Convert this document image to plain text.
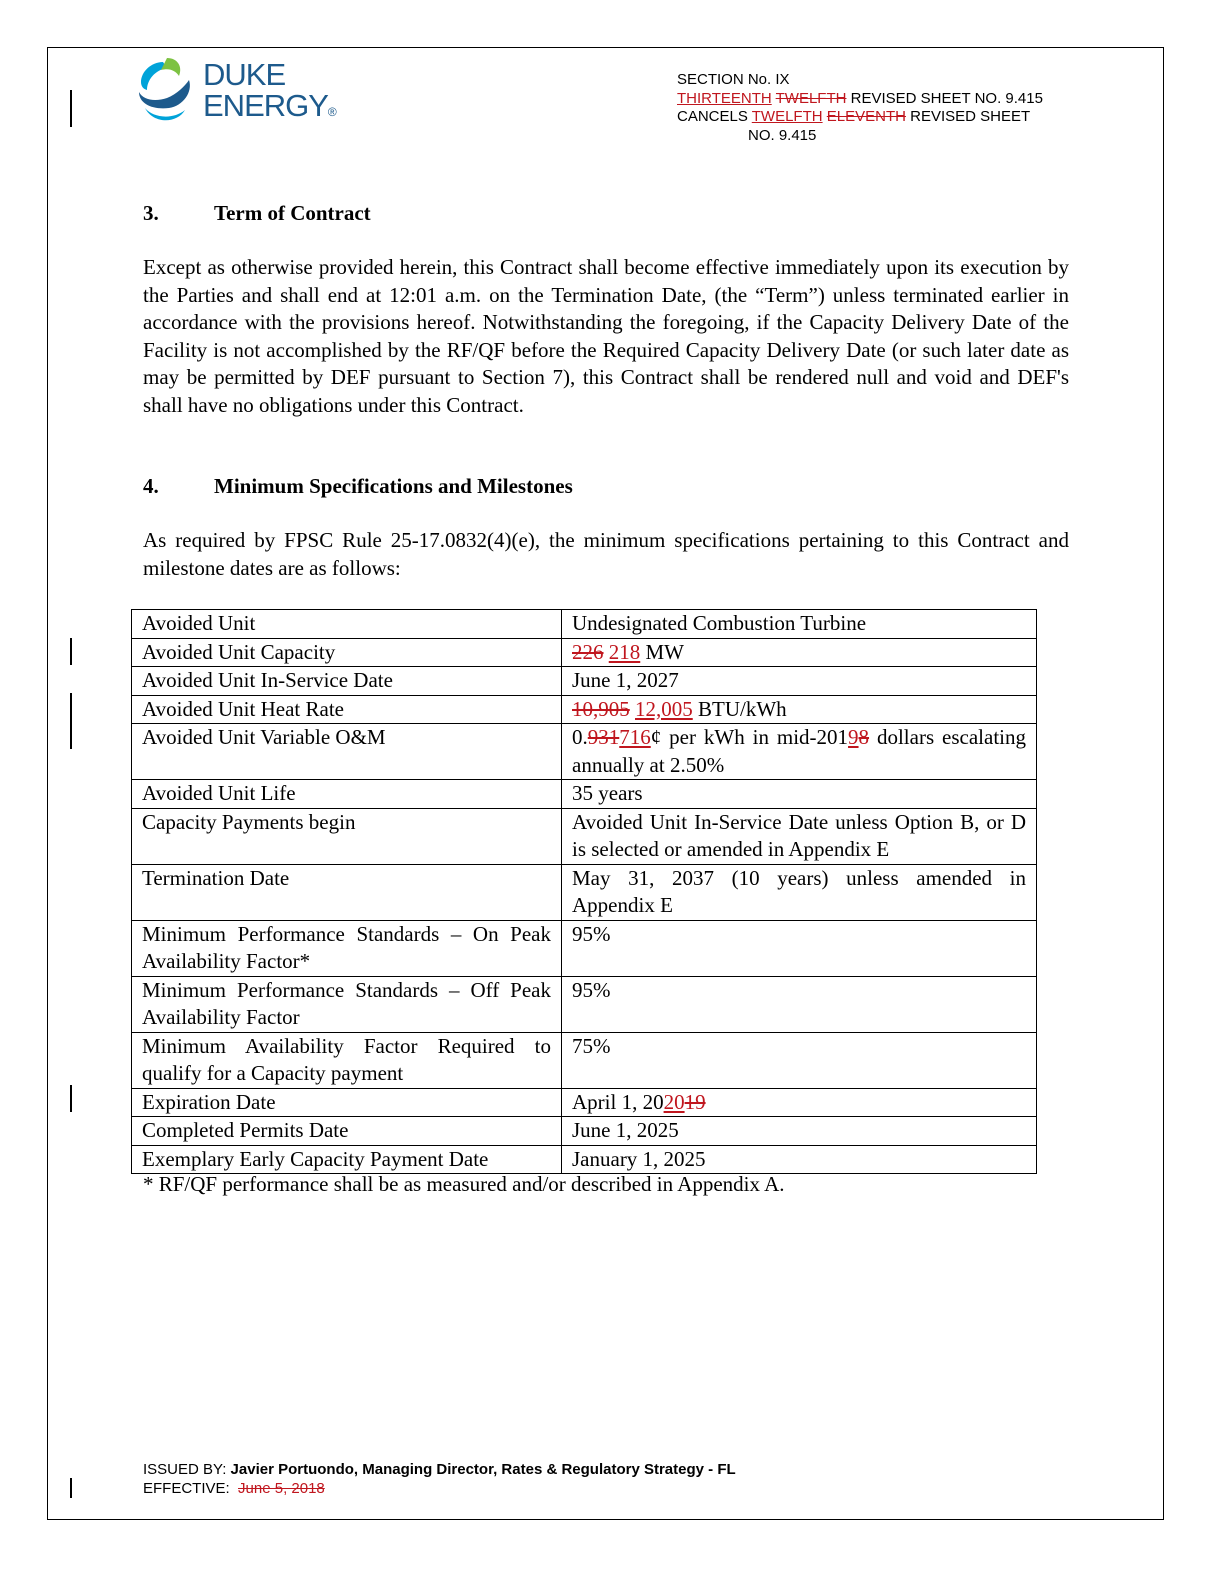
DUKE
ENERGY®
SECTION No. IX
THIRTEENTH TWELFTH REVISED SHEET NO. 9.415
CANCELS TWELFTH ELEVENTH REVISED SHEET
NO. 9.415
3.	Term of Contract
Except as otherwise provided herein, this Contract shall become effective immediately upon its execution by the Parties and shall end at 12:01 a.m. on the Termination Date, (the “Term”) unless terminated earlier in accordance with the provisions hereof. Notwithstanding the foregoing, if the Capacity Delivery Date of the Facility is not accomplished by the RF/QF before the Required Capacity Delivery Date (or such later date as may be permitted by DEF pursuant to Section 7), this Contract shall be rendered null and void and DEF's shall have no obligations under this Contract.
4.	Minimum Specifications and Milestones
As required by FPSC Rule 25-17.0832(4)(e), the minimum specifications pertaining to this Contract and milestone dates are as follows:
Avoided Unit	Undesignated Combustion Turbine
Avoided Unit Capacity	226 218 MW
Avoided Unit In-Service Date	June 1, 2027
Avoided Unit Heat Rate	10,905 12,005 BTU/kWh
Avoided Unit Variable O&M	0.931716¢ per kWh in mid-20198 dollars escalating annually at 2.50%
Avoided Unit Life	35 years
Capacity Payments begin	Avoided Unit In-Service Date unless Option B, or D is selected or amended in Appendix E
Termination Date	May 31, 2037 (10 years) unless amended in Appendix E
Minimum Performance Standards – On Peak Availability Factor*	95%
Minimum Performance Standards – Off Peak Availability Factor	95%
Minimum Availability Factor Required to qualify for a Capacity payment	75%
Expiration Date	April 1, 202019
Completed Permits Date	June 1, 2025
Exemplary Early Capacity Payment Date	January 1, 2025
* RF/QF performance shall be as measured and/or described in Appendix A.
ISSUED BY: Javier Portuondo, Managing Director, Rates & Regulatory Strategy - FL
EFFECTIVE: June 5, 2018
